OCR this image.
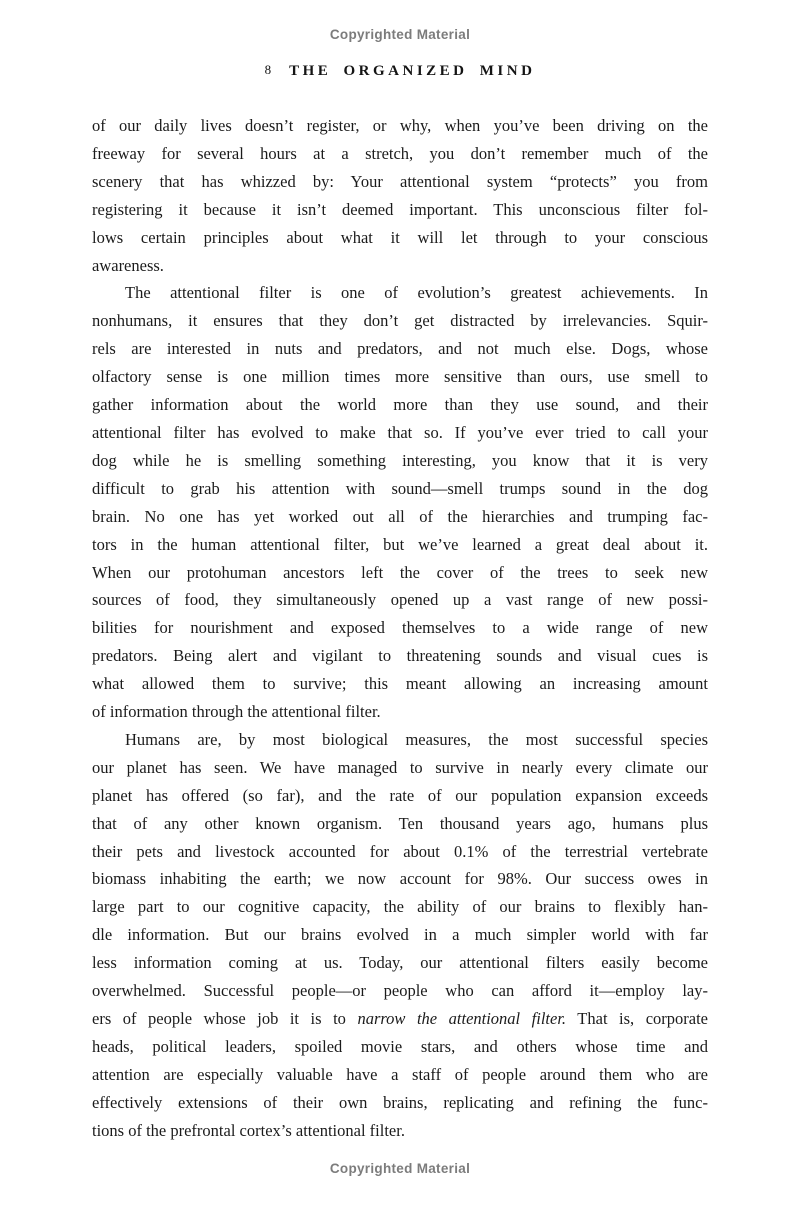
Copyrighted Material
8 THE ORGANIZED MIND
of our daily lives doesn’t register, or why, when you’ve been driving on the
freeway for several hours at a stretch, you don’t remember much of the
scenery that has whizzed by: Your attentional system “protects” you from
registering it because it isn’t deemed important. This unconscious filter fol-
lows certain principles about what it will let through to your conscious
awareness.
The attentional filter is one of evolution’s greatest achievements. In
nonhumans, it ensures that they don’t get distracted by irrelevancies. Squir-
rels are interested in nuts and predators, and not much else. Dogs, whose
olfactory sense is one million times more sensitive than ours, use smell to
gather information about the world more than they use sound, and their
attentional filter has evolved to make that so. If you’ve ever tried to call your
dog while he is smelling something interesting, you know that it is very
difficult to grab his attention with sound—smell trumps sound in the dog
brain. No one has yet worked out all of the hierarchies and trumping fac-
tors in the human attentional filter, but we’ve learned a great deal about it.
When our protohuman ancestors left the cover of the trees to seek new
sources of food, they simultaneously opened up a vast range of new possi-
bilities for nourishment and exposed themselves to a wide range of new
predators. Being alert and vigilant to threatening sounds and visual cues is
what allowed them to survive; this meant allowing an increasing amount
of information through the attentional filter.
Humans are, by most biological measures, the most successful species
our planet has seen. We have managed to survive in nearly every climate our
planet has offered (so far), and the rate of our population expansion exceeds
that of any other known organism. Ten thousand years ago, humans plus
their pets and livestock accounted for about 0.1% of the terrestrial vertebrate
biomass inhabiting the earth; we now account for 98%. Our success owes in
large part to our cognitive capacity, the ability of our brains to flexibly han-
dle information. But our brains evolved in a much simpler world with far
less information coming at us. Today, our attentional filters easily become
overwhelmed. Successful people—or people who can afford it—employ lay-
ers of people whose job it is to narrow the attentional filter. That is, corporate
heads, political leaders, spoiled movie stars, and others whose time and
attention are especially valuable have a staff of people around them who are
effectively extensions of their own brains, replicating and refining the func-
tions of the prefrontal cortex’s attentional filter.
Copyrighted Material
